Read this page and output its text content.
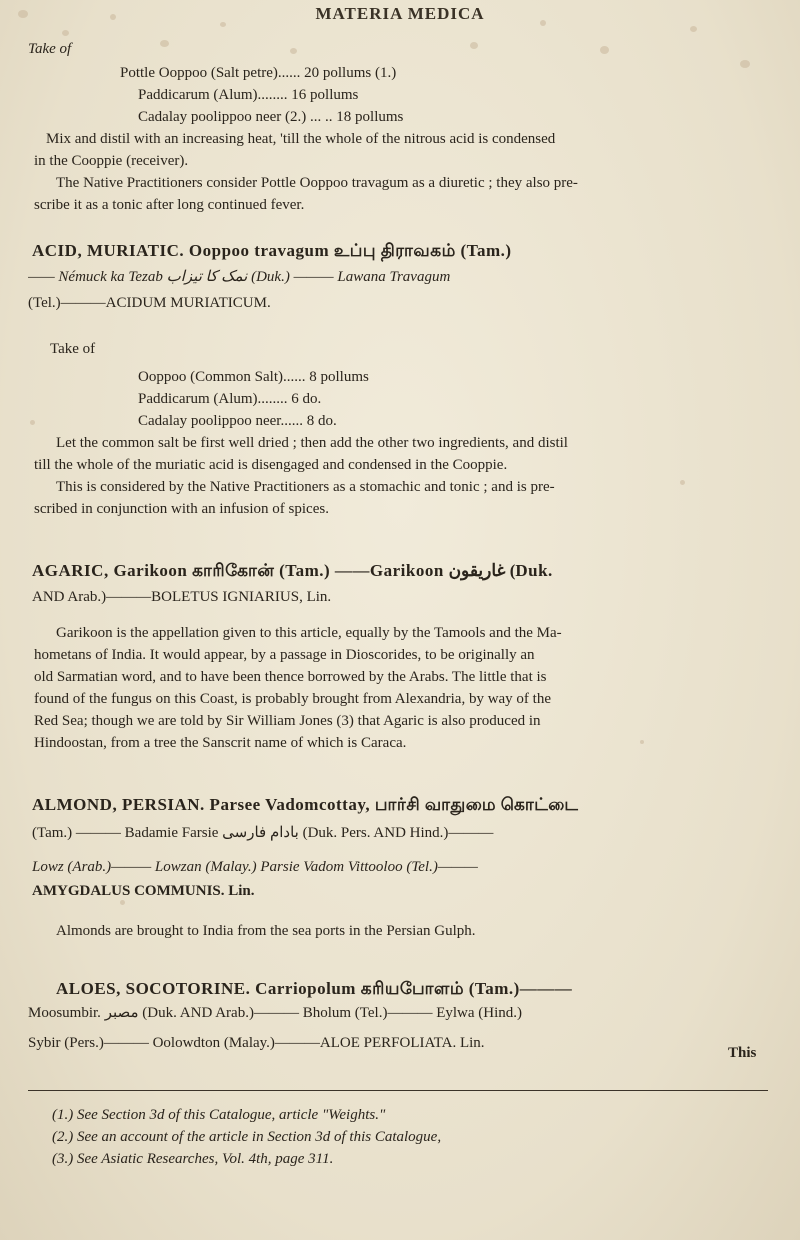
MATERIA MEDICA
Take of
Pottle Ooppoo (Salt petre)...... 20 pollums (1.)
Paddicarum (Alum)........ 16 pollums
Cadalay poolippoo neer (2.) ... .. 18 pollums
Mix and distil with an increasing heat, 'till the whole of the nitrous acid is condensed
in the Cooppie (receiver).
The Native Practitioners consider Pottle Ooppoo travagum as a diuretic ; they also pre-
scribe it as a tonic after long continued fever.
ACID, MURIATIC. Ooppoo travagum உப்பு திராவகம் (Tam.)
—— Némuck ka Tezab نمک کا تیزاب (Duk.) ——— Lawana Travagum
(Tel.)———ACIDUM MURIATICUM.
Take of
Ooppoo (Common Salt)...... 8 pollums
Paddicarum (Alum)........ 6 do.
Cadalay poolippoo neer...... 8 do.
Let the common salt be first well dried ; then add the other two ingredients, and distil
till the whole of the muriatic acid is disengaged and condensed in the Cooppie.
This is considered by the Native Practitioners as a stomachic and tonic ; and is pre-
scribed in conjunction with an infusion of spices.
AGARIC, Garikoon காரிகோன் (Tam.) ——Garikoon غاریقون (Duk.
AND Arab.)———BOLETUS IGNIARIUS, Lin.
Garikoon is the appellation given to this article, equally by the Tamools and the Ma-
hometans of India. It would appear, by a passage in Dioscorides, to be originally an
old Sarmatian word, and to have been thence borrowed by the Arabs. The little that is
found of the fungus on this Coast, is probably brought from Alexandria, by way of the
Red Sea; though we are told by Sir William Jones (3) that Agaric is also produced in
Hindoostan, from a tree the Sanscrit name of which is Caraca.
ALMOND, PERSIAN. Parsee Vadomcottay, பார்சி வாதுமை கொட்டை
(Tam.) ——— Badamie Farsie بادام فارسی (Duk. Pers. AND Hind.)———
Lowz (Arab.)——— Lowzan (Malay.) Parsie Vadom Vittooloo (Tel.)———
AMYGDALUS COMMUNIS. Lin.
Almonds are brought to India from the sea ports in the Persian Gulph.
ALOES, SOCOTORINE. Carriopolum கரியபோளம் (Tam.)———
Moosumbir. مصبر (Duk. AND Arab.)——— Bholum (Tel.)——— Eylwa (Hind.)
Sybir (Pers.)——— Oolowdton (Malay.)———ALOE PERFOLIATA. Lin.
This
(1.) See Section 3d of this Catalogue, article "Weights."
(2.) See an account of the article in Section 3d of this Catalogue,
(3.) See Asiatic Researches, Vol. 4th, page 311.
